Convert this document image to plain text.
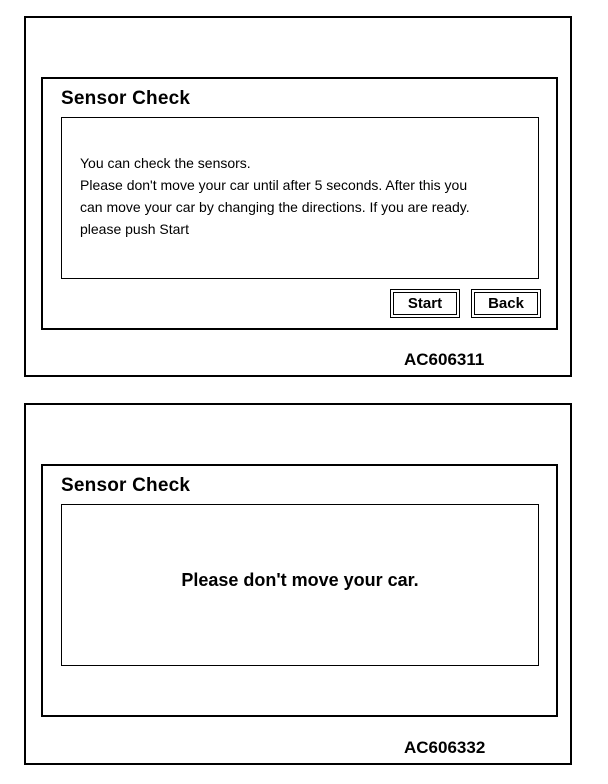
Sensor Check
You can check the sensors.
Please don't move your car until after 5 seconds. After this you
can move your car by changing the directions. If you are ready.
please push Start
Start	Back
AC606311
Sensor Check
Please don't move your car.
AC606332
